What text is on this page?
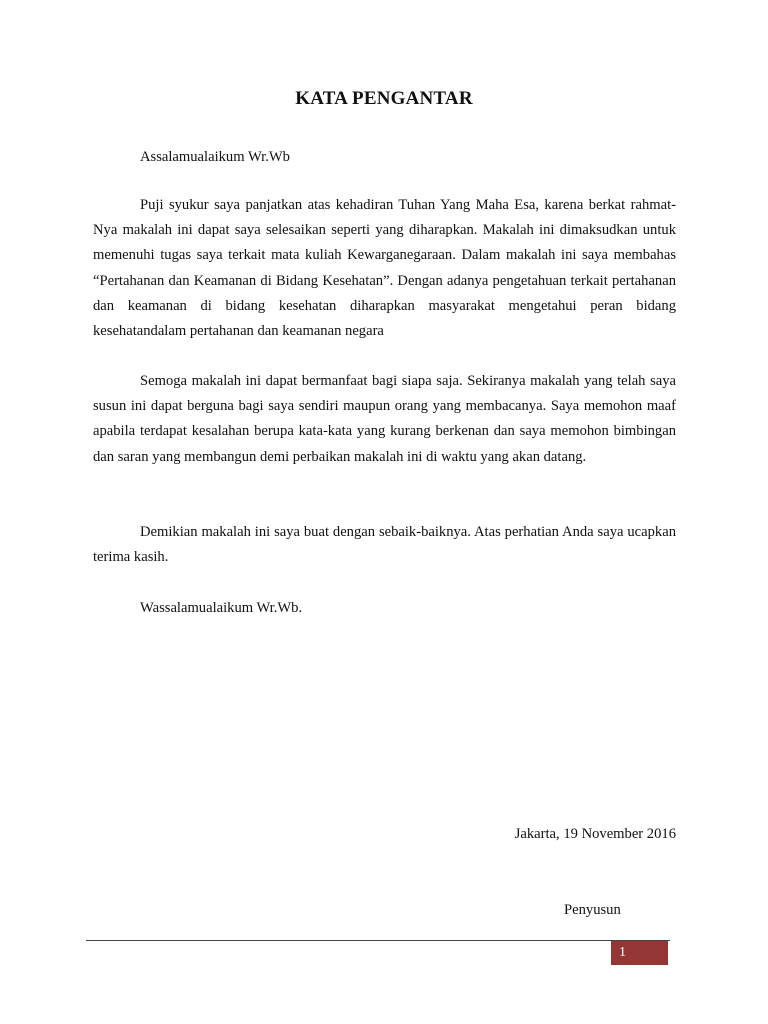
KATA PENGANTAR

Assalamualaikum Wr.Wb

Puji syukur saya panjatkan atas kehadiran Tuhan Yang Maha Esa, karena berkat rahmat-Nya makalah ini dapat saya selesaikan seperti yang diharapkan. Makalah ini dimaksudkan untuk memenuhi tugas saya terkait mata kuliah Kewarganegaraan. Dalam makalah ini saya membahas “Pertahanan dan Keamanan di Bidang Kesehatan”. Dengan adanya pengetahuan terkait pertahanan dan keamanan di bidang kesehatan diharapkan masyarakat mengetahui peran bidang kesehatandalam pertahanan dan keamanan negara

Semoga makalah ini dapat bermanfaat bagi siapa saja. Sekiranya makalah yang telah saya susun ini dapat berguna bagi saya sendiri maupun orang yang membacanya. Saya memohon maaf apabila terdapat kesalahan berupa kata-kata yang kurang berkenan dan saya memohon bimbingan dan saran yang membangun demi perbaikan makalah ini di waktu yang akan datang.

Demikian makalah ini saya buat dengan sebaik-baiknya. Atas perhatian Anda saya ucapkan terima kasih.

Wassalamualaikum Wr.Wb.

Jakarta, 19 November 2016

Penyusun

1
